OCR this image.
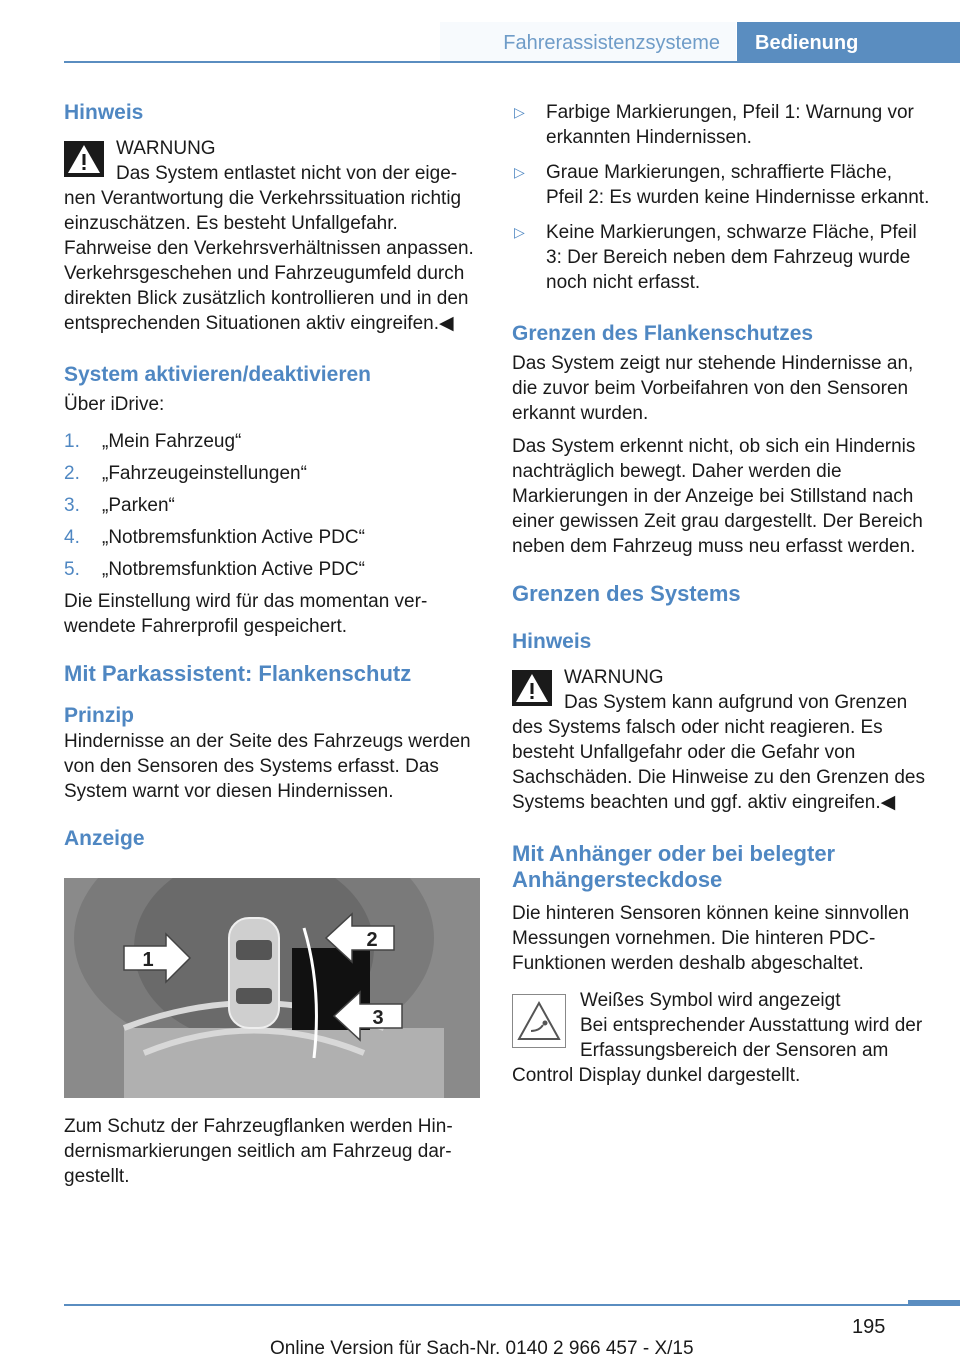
Fahrerassistenzsysteme Bedienung

Hinweis

WARNUNG

Das System entlastet nicht von der eigenen Verantwortung die Verkehrssituation richtig einzuschätzen. Es besteht Unfallgefahr. Fahrweise den Verkehrsverhältnissen anpassen. Verkehrsgeschehen und Fahrzeugumfeld durch direkten Blick zusätzlich kontrollieren und in den entsprechenden Situationen aktiv eingreifen.◀

System aktivieren/deaktivieren

Über iDrive:

1. „Mein Fahrzeug“
2. „Fahrzeugeinstellungen“
3. „Parken“
4. „Notbremsfunktion Active PDC“
5. „Notbremsfunktion Active PDC“

Die Einstellung wird für das momentan verwendete Fahrerprofil gespeichert.

Mit Parkassistent: Flankenschutz

Prinzip

Hindernisse an der Seite des Fahrzeugs werden von den Sensoren des Systems erfasst. Das System warnt vor diesen Hindernissen.

Anzeige

1
2
3

Zum Schutz der Fahrzeugflanken werden Hindernismarkierungen seitlich am Fahrzeug dargestellt.

▷ Farbige Markierungen, Pfeil 1: Warnung vor erkannten Hindernissen.
▷ Graue Markierungen, schraffierte Fläche, Pfeil 2: Es wurden keine Hindernisse erkannt.
▷ Keine Markierungen, schwarze Fläche, Pfeil 3: Der Bereich neben dem Fahrzeug wurde noch nicht erfasst.

Grenzen des Flankenschutzes

Das System zeigt nur stehende Hindernisse an, die zuvor beim Vorbeifahren von den Sensoren erkannt wurden.

Das System erkennt nicht, ob sich ein Hindernis nachträglich bewegt. Daher werden die Markierungen in der Anzeige bei Stillstand nach einer gewissen Zeit grau dargestellt. Der Bereich neben dem Fahrzeug muss neu erfasst werden.

Grenzen des Systems

Hinweis

WARNUNG

Das System kann aufgrund von Grenzen des Systems falsch oder nicht reagieren. Es besteht Unfallgefahr oder die Gefahr von Sachschäden. Die Hinweise zu den Grenzen des Systems beachten und ggf. aktiv eingreifen.◀

Mit Anhänger oder bei belegter Anhängersteckdose

Die hinteren Sensoren können keine sinnvollen Messungen vornehmen. Die hinteren PDC-Funktionen werden deshalb abgeschaltet.

Weißes Symbol wird angezeigt

Bei entsprechender Ausstattung wird der Erfassungsbereich der Sensoren am Control Display dunkel dargestellt.

195
Online Version für Sach-Nr. 0140 2 966 457 - X/15
